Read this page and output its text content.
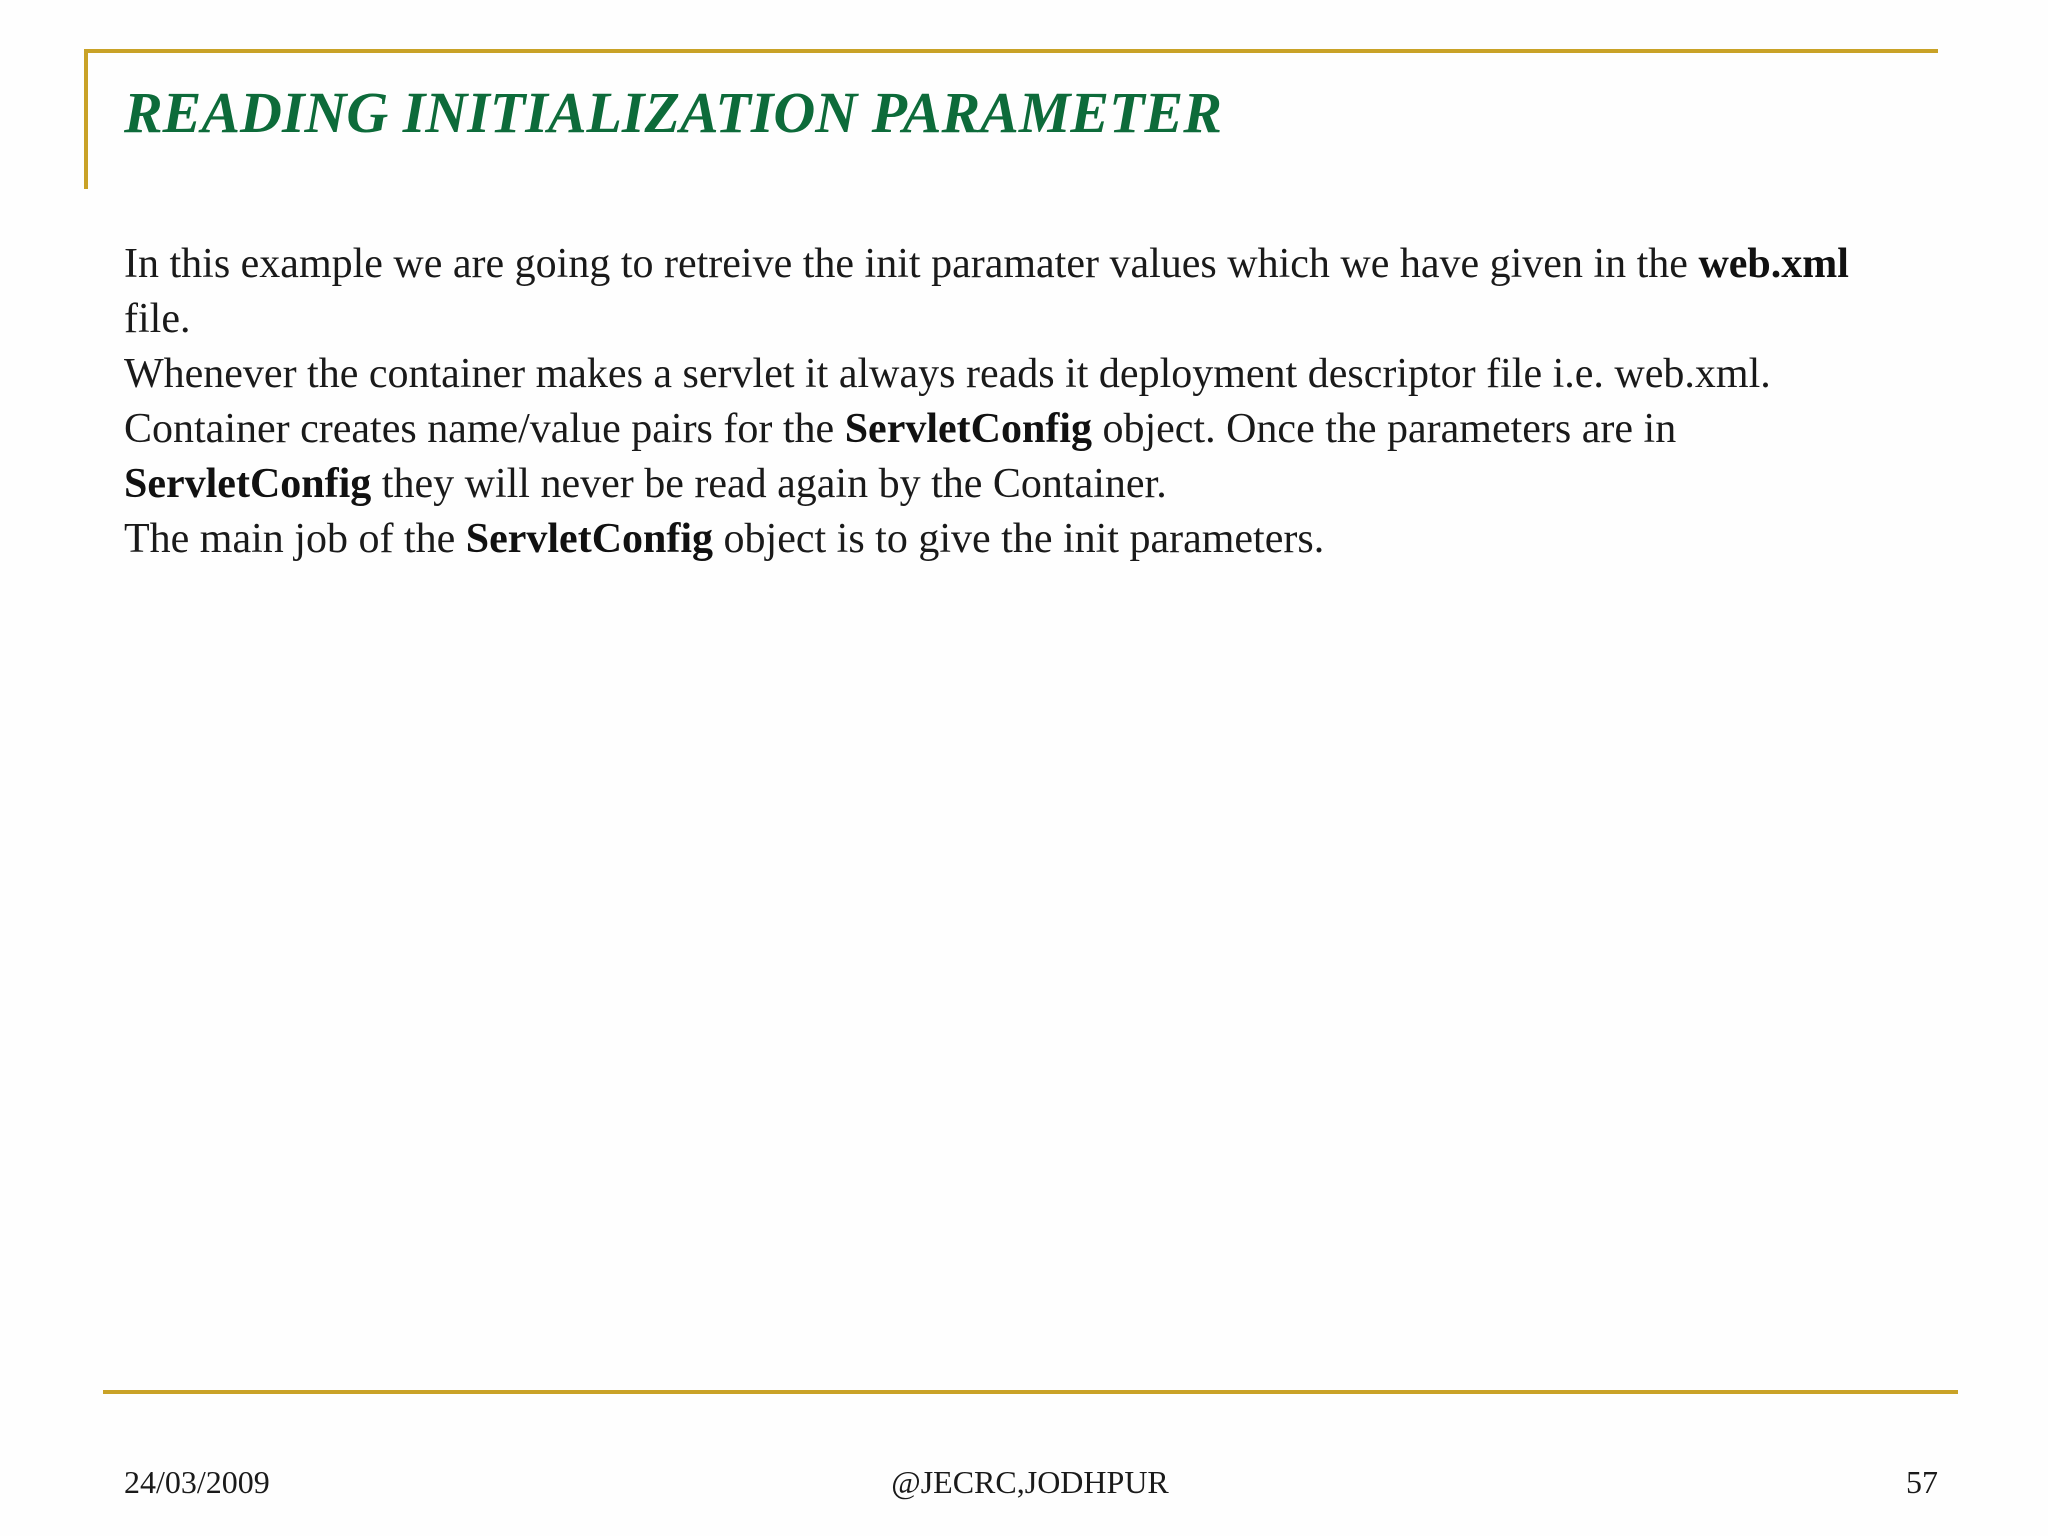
READING INITIALIZATION PARAMETER

In this example we are going to retreive the init paramater values which we have given in the web.xml file.

Whenever the container makes a servlet it always reads it deployment descriptor file i.e. web.xml. Container creates name/value pairs for the ServletConfig object. Once the parameters are in ServletConfig they will never be read again by the Container.

The main job of the ServletConfig object is to give the init parameters.

24/03/2009	@JECRC,JODHPUR	57
